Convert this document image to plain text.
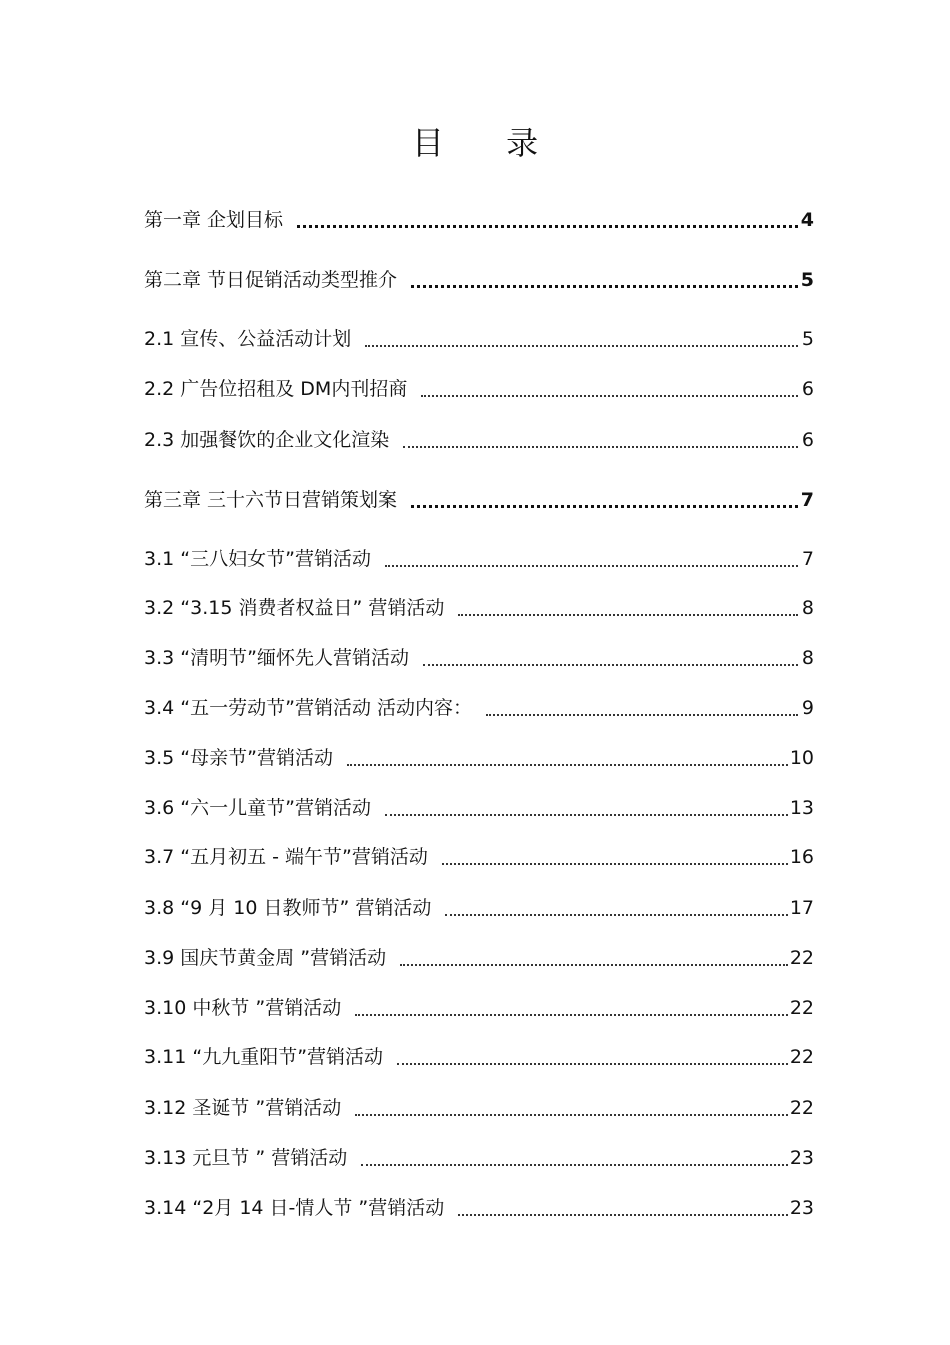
目 录
第一章 企划目标	4
第二章 节日促销活动类型推介	5
2.1 宣传、公益活动计划	5
2.2 广告位招租及 DM内刊招商	6
2.3 加强餐饮的企业文化渲染	6
第三章 三十六节日营销策划案	7
3.1 “三八妇女节”营销活动	7
3.2 “3.15 消费者权益日” 营销活动	8
3.3 “清明节”缅怀先人营销活动	8
3.4 “五一劳动节”营销活动 活动内容：	9
3.5 “母亲节”营销活动	10
3.6 “六一儿童节”营销活动	13
3.7 “五月初五 - 端午节”营销活动	16
3.8 “9 月 10 日教师节” 营销活动	17
3.9 国庆节黄金周 ”营销活动	22
3.10 中秋节 ”营销活动	22
3.11 “九九重阳节”营销活动	22
3.12 圣诞节 ”营销活动	22
3.13 元旦节 ” 营销活动	23
3.14 “2月 14 日-情人节 ”营销活动	23
